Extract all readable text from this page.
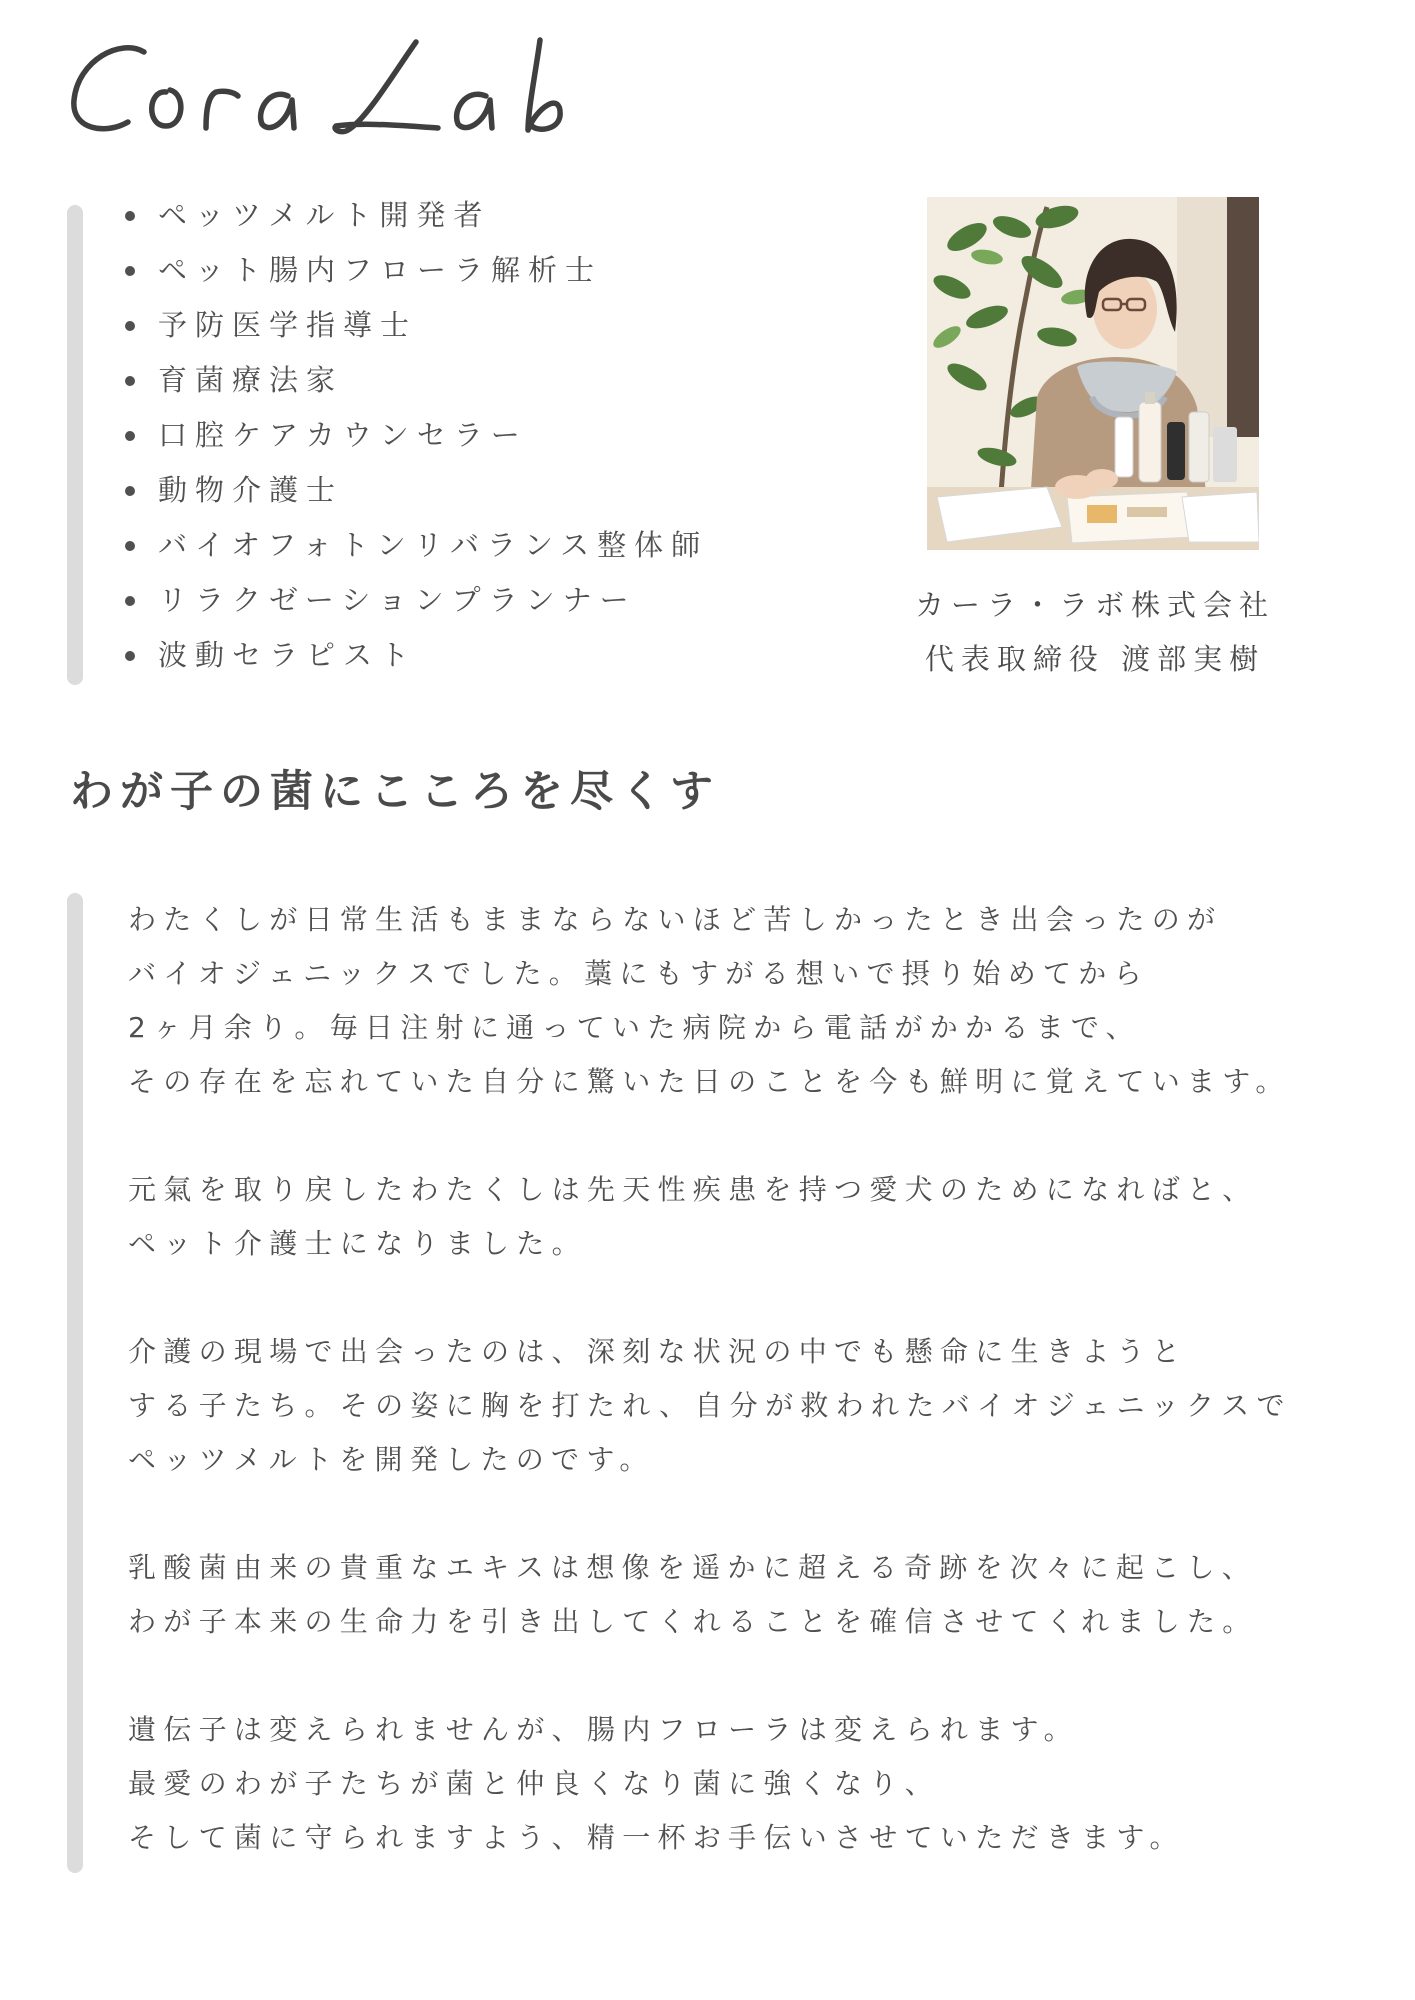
ペッツメルト開発者
ペット腸内フローラ解析士
予防医学指導士
育菌療法家
口腔ケアカウンセラー
動物介護士
バイオフォトンリバランス整体師
リラクゼーションプランナー
波動セラピスト
カーラ・ラボ株式会社
代表取締役 渡部実樹
わが子の菌にこころを尽くす
わたくしが日常生活もままならないほど苦しかったとき出会ったのが
バイオジェニックスでした。藁にもすがる想いで摂り始めてから
2ヶ月余り。毎日注射に通っていた病院から電話がかかるまで、
その存在を忘れていた自分に驚いた日のことを今も鮮明に覚えています。
元氣を取り戻したわたくしは先天性疾患を持つ愛犬のためになればと、
ペット介護士になりました。
介護の現場で出会ったのは、深刻な状況の中でも懸命に生きようと
する子たち。その姿に胸を打たれ、自分が救われたバイオジェニックスで
ペッツメルトを開発したのです。
乳酸菌由来の貴重なエキスは想像を遥かに超える奇跡を次々に起こし、
わが子本来の生命力を引き出してくれることを確信させてくれました。
遺伝子は変えられませんが、腸内フローラは変えられます。
最愛のわが子たちが菌と仲良くなり菌に強くなり、
そして菌に守られますよう、精一杯お手伝いさせていただきます。
